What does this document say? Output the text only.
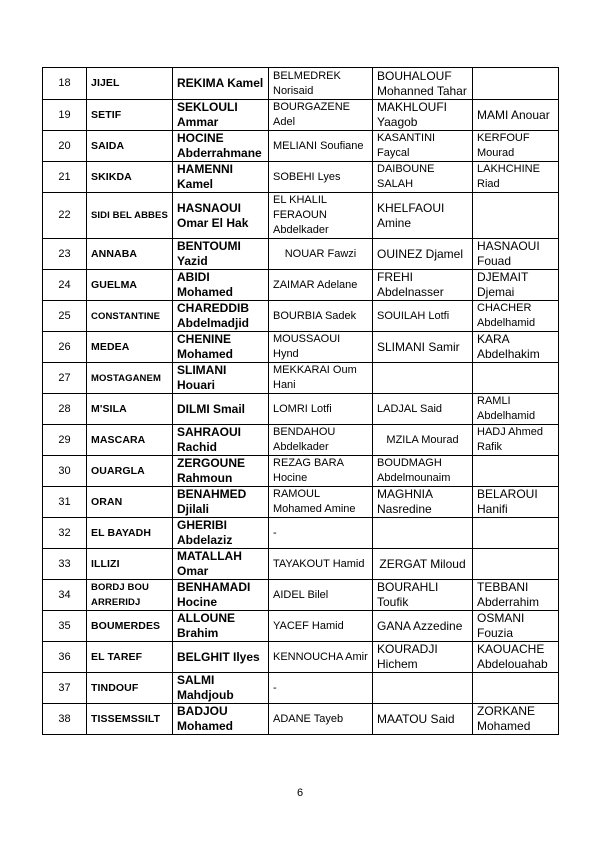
18	JIJEL	REKIMA Kamel	BELMEDREK Norisaid	BOUHALOUF Mohanned Tahar	
19	SETIF	SEKLOULI Ammar	BOURGAZENE Adel	MAKHLOUFI Yaagob	MAMI Anouar
20	SAIDA	HOCINE Abderrahmane	MELIANI Soufiane	KASANTINI Faycal	KERFOUF Mourad
21	SKIKDA	HAMENNI Kamel	SOBEHI Lyes	DAIBOUNE SALAH	LAKHCHINE Riad
22	SIDI BEL ABBES	HASNAOUI Omar El Hak	EL KHALIL FERAOUN Abdelkader	KHELFAOUI Amine	
23	ANNABA	BENTOUMI Yazid	NOUAR Fawzi	OUINEZ Djamel	HASNAOUI Fouad
24	GUELMA	ABIDI Mohamed	ZAIMAR Adelane	FREHI Abdelnasser	DJEMAIT Djemai
25	CONSTANTINE	CHAREDDIB Abdelmadjid	BOURBIA Sadek	SOUILAH Lotfi	CHACHER Abdelhamid
26	MEDEA	CHENINE Mohamed	MOUSSAOUI Hynd	SLIMANI Samir	KARA Abdelhakim
27	MOSTAGANEM	SLIMANI Houari	MEKKARAI Oum Hani		
28	M'SILA	DILMI Smail	LOMRI Lotfi	LADJAL Said	RAMLI Abdelhamid
29	MASCARA	SAHRAOUI Rachid	BENDAHOU Abdelkader	MZILA Mourad	HADJ Ahmed Rafik
30	OUARGLA	ZERGOUNE Rahmoun	REZAG BARA Hocine	BOUDMAGH Abdelmounaim	
31	ORAN	BENAHMED Djilali	RAMOUL Mohamed Amine	MAGHNIA Nasredine	BELAROUI Hanifi
32	EL BAYADH	GHERIBI Abdelaziz	-		
33	ILLIZI	MATALLAH Omar	TAYAKOUT Hamid	ZERGAT Miloud	
34	BORDJ BOU ARRERIDJ	BENHAMADI Hocine	AIDEL Bilel	BOURAHLI Toufik	TEBBANI Abderrahim
35	BOUMERDES	ALLOUNE Brahim	YACEF Hamid	GANA Azzedine	OSMANI Fouzia
36	EL TAREF	BELGHIT Ilyes	KENNOUCHA Amir	KOURADJI Hichem	KAOUACHE Abdelouahab
37	TINDOUF	SALMI Mahdjoub	-		
38	TISSEMSSILT	BADJOU Mohamed	ADANE Tayeb	MAATOU Said	ZORKANE Mohamed
6
